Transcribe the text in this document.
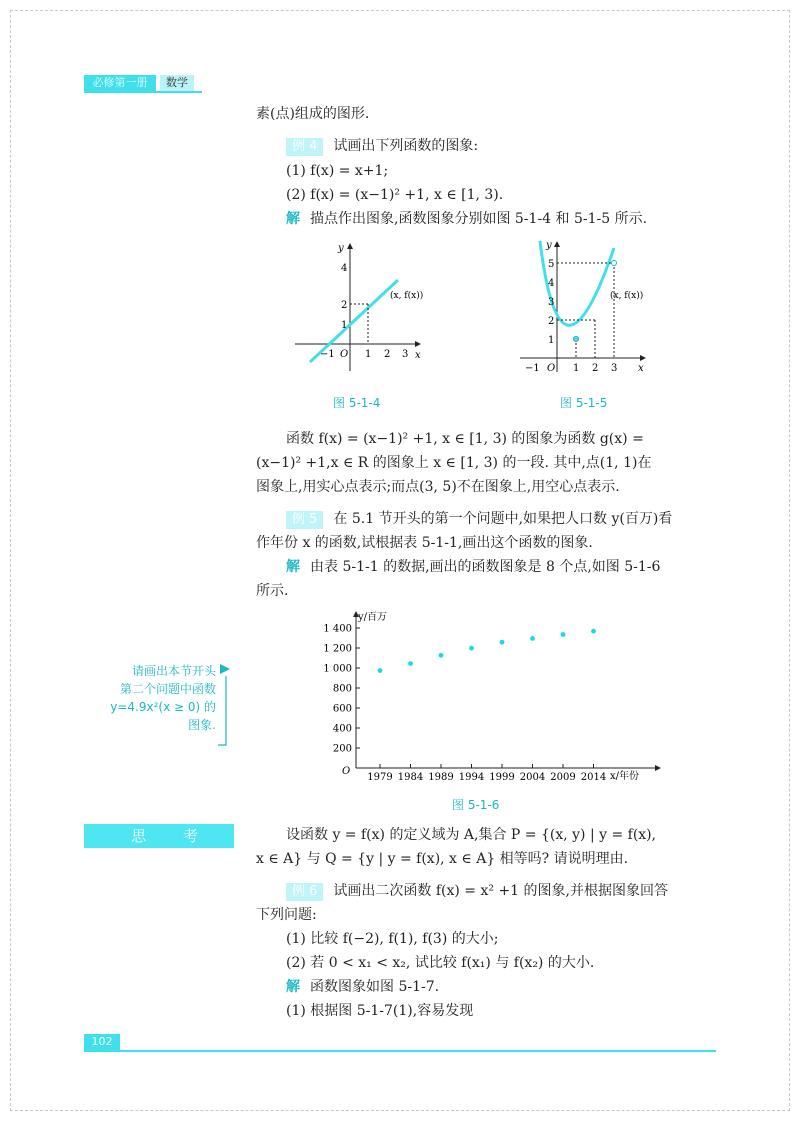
必修第一册	数学
素(点)组成的图形.
例 4 试画出下列函数的图象:
(1) f(x) = x+1;
(2) f(x) = (x−1)² +1, x ∈ [1, 3).
解 描点作出图象,函数图象分别如图 5-1-4 和 5-1-5 所示.
y
x
O
−1	1 2 3
1
2
4
(x, f(x))
图 5-1-4
y
x
O
−1	1 2 3
1
2
3
4
5
(x, f(x))
图 5-1-5
函数 f(x) = (x−1)² +1, x ∈ [1, 3) 的图象为函数 g(x) =
(x−1)² +1,x ∈ R 的图象上 x ∈ [1, 3) 的一段. 其中,点(1, 1)在
图象上,用实心点表示;而点(3, 5)不在图象上,用空心点表示.
例 5 在 5.1 节开头的第一个问题中,如果把人口数 y(百万)看
作年份 x 的函数,试根据表 5-1-1,画出这个函数的图象.
解 由表 5-1-1 的数据,画出的函数图象是 8 个点,如图 5-1-6
所示.
请画出本节开头
第二个问题中函数
y=4.9x²(x ≥ 0) 的
图象.
y/百万
x/年份
O
200
400
600
800
1 000
1 200
1 400
1979 1984 1989 1994 1999 2004 2009 2014
图 5-1-6
思 考	设函数 y = f(x) 的定义域为 A,集合 P = {(x, y) | y = f(x),
x ∈ A} 与 Q = {y | y = f(x), x ∈ A} 相等吗? 请说明理由.
例 6 试画出二次函数 f(x) = x² +1 的图象,并根据图象回答
下列问题:
(1) 比较 f(−2), f(1), f(3) 的大小;
(2) 若 0 < x₁ < x₂, 试比较 f(x₁) 与 f(x₂) 的大小.
解 函数图象如图 5-1-7.
(1) 根据图 5-1-7(1),容易发现
102
